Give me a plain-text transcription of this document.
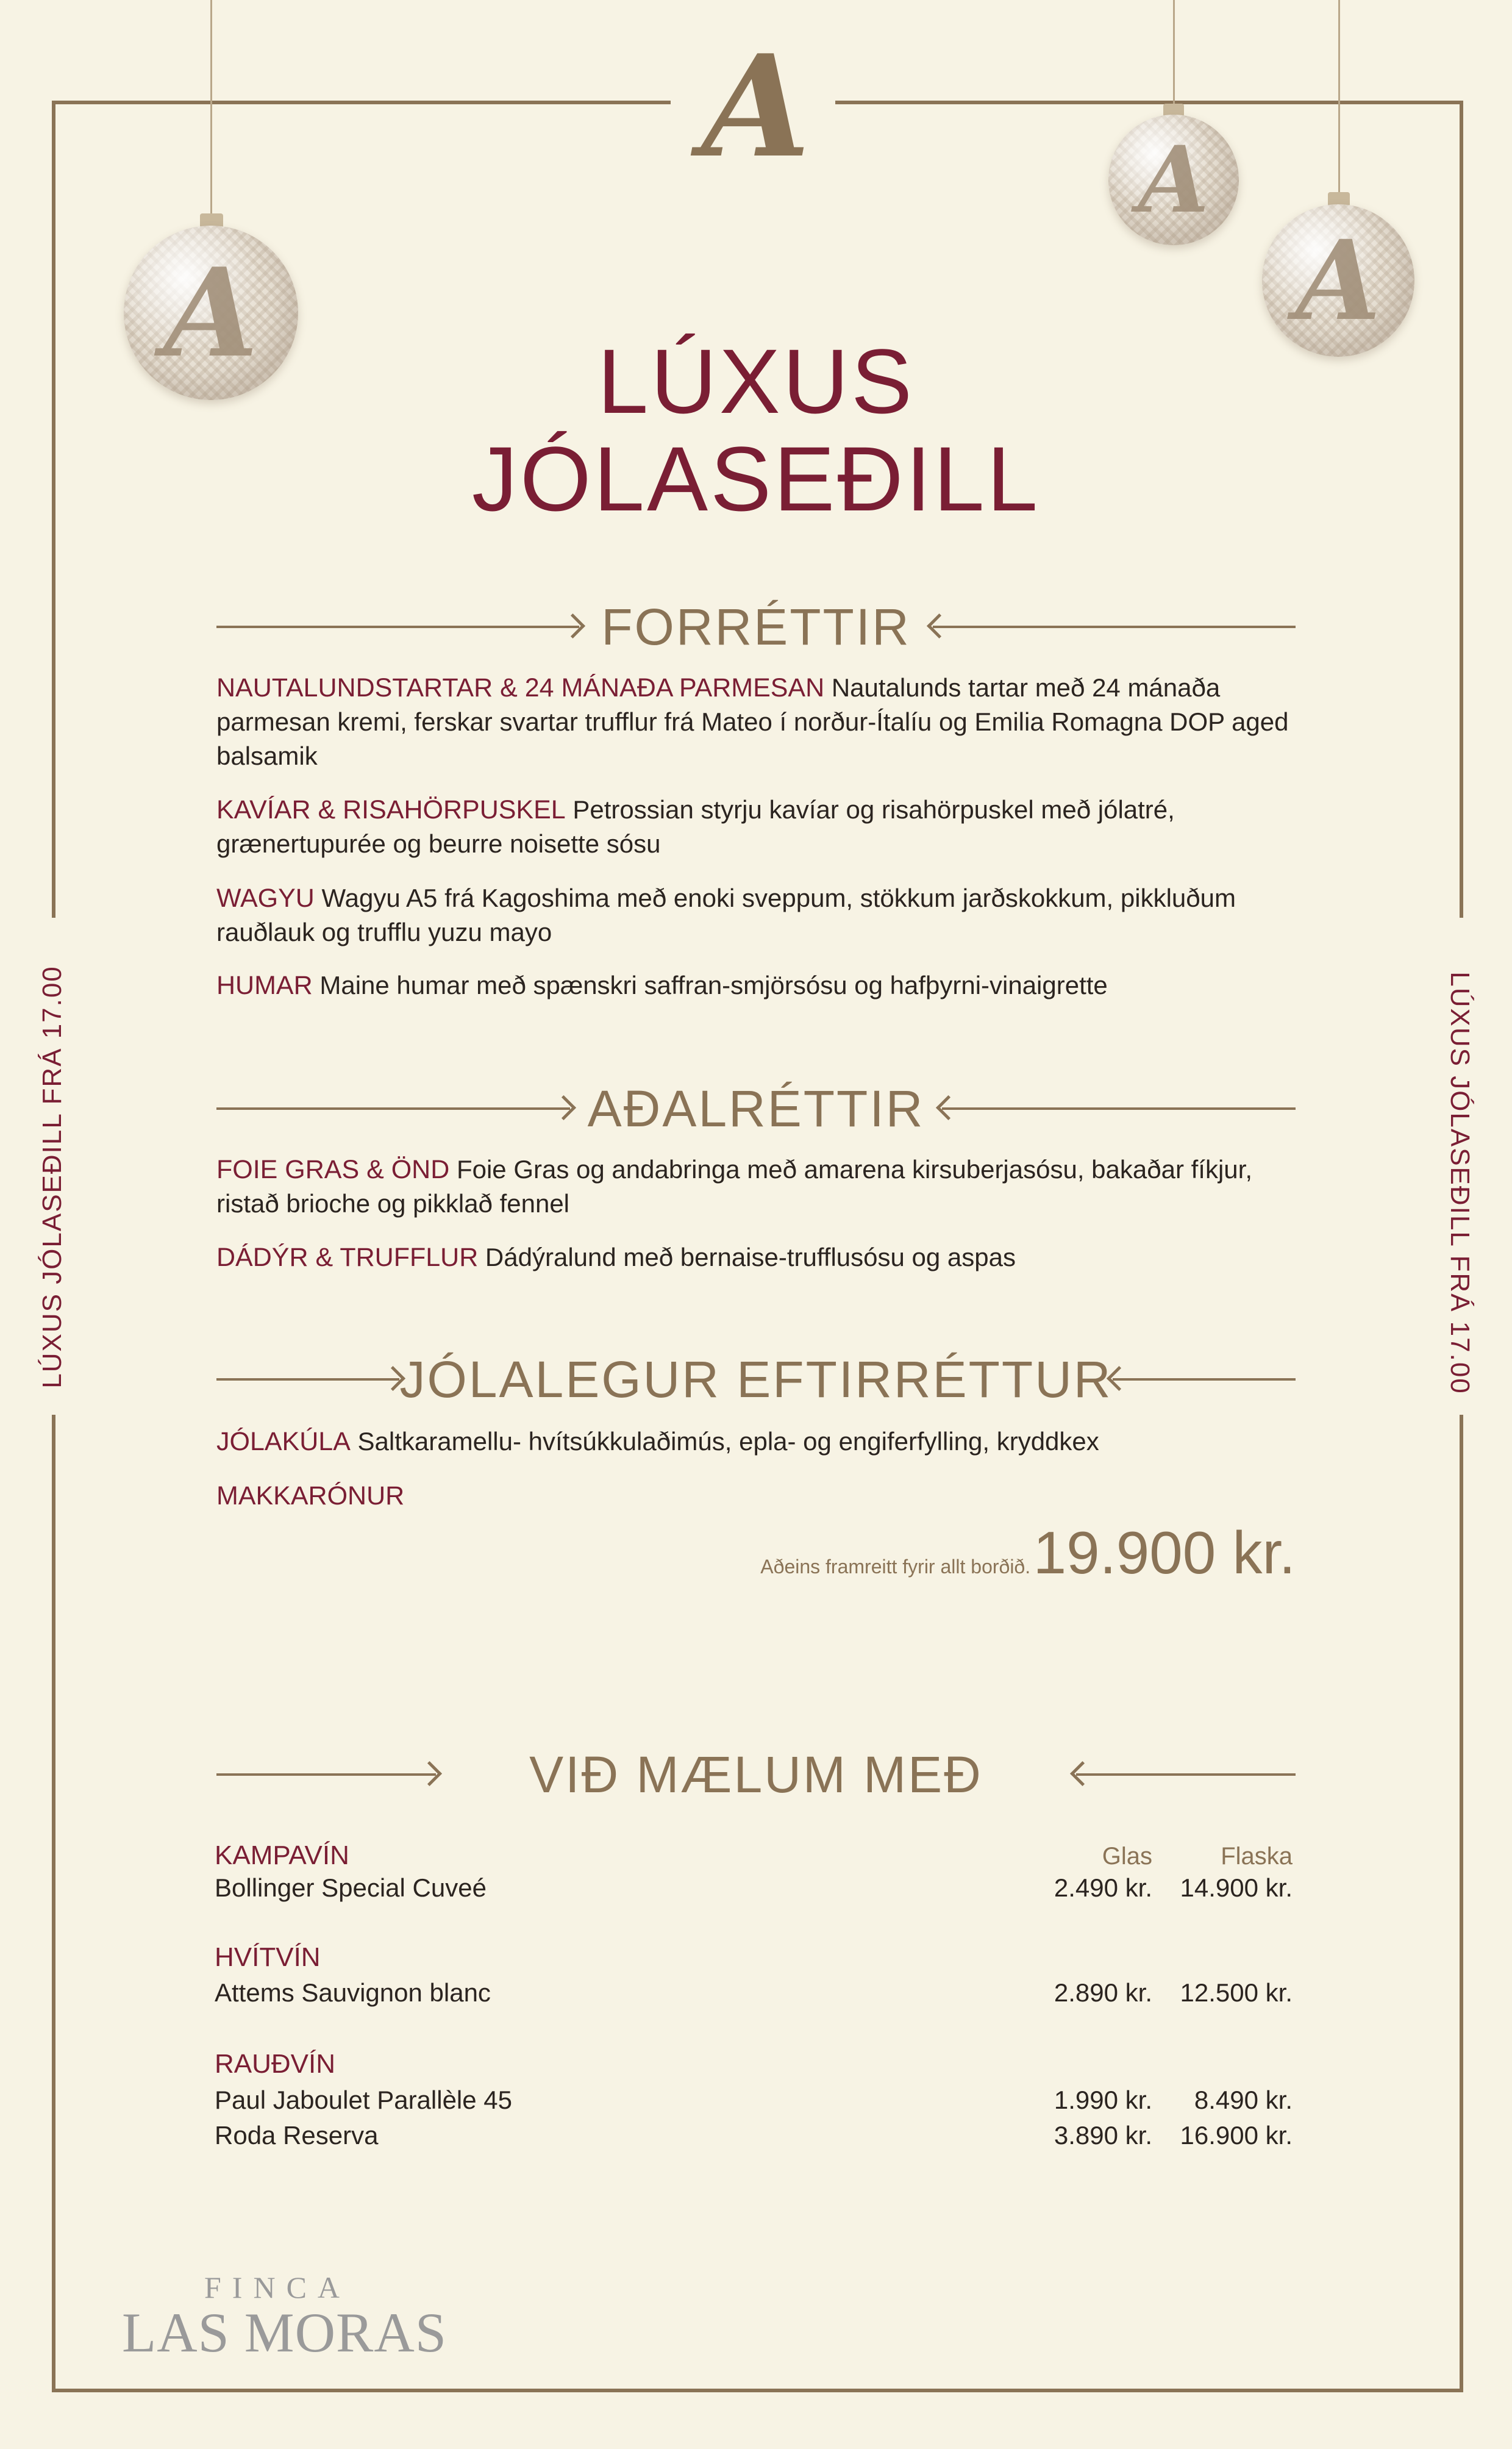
A
A
A
A
LÚXUS
JÓLASEÐILL
LÚXUS JÓLASEÐILL FRÁ 17.00	LÚXUS JÓLASEÐILL FRÁ 17.00
FORRÉTTIR
NAUTALUNDSTARTAR & 24 MÁNAÐA PARMESAN Nautalunds tartar með 24 mánaða parmesan kremi, ferskar svartar trufflur frá Mateo í norður-Ítalíu og Emilia Romagna DOP aged balsamik
KAVÍAR & RISAHÖRPUSKEL Petrossian styrju kavíar og risahörpuskel með jólatré, grænertupurée og beurre noisette sósu
WAGYU Wagyu A5 frá Kagoshima með enoki sveppum, stökkum jarðskokkum, pikkluðum rauðlauk og trufflu yuzu mayo
HUMAR Maine humar með spænskri saffran-smjörsósu og hafþyrni-vinaigrette
AÐALRÉTTIR
FOIE GRAS & ÖND Foie Gras og andabringa með amarena kirsuberjasósu, bakaðar fíkjur, ristað brioche og pikklað fennel
DÁDÝR & TRUFFLUR Dádýralund með bernaise-trufflusósu og aspas
JÓLALEGUR EFTIRRÉTTUR
JÓLAKÚLA Saltkaramellu- hvítsúkkulaðimús, epla- og engiferfylling, kryddkex
MAKKARÓNUR
Aðeins framreitt fyrir allt borðið. 19.900 kr.
VIÐ MÆLUM MEÐ
Glas	Flaska
KAMPAVÍN
Bollinger Special Cuveé	2.490 kr.	14.900 kr.
HVÍTVÍN
Attems Sauvignon blanc	2.890 kr.	12.500 kr.
RAUÐVÍN
Paul Jaboulet Parallèle 45	1.990 kr.	8.490 kr.
Roda Reserva	3.890 kr.	16.900 kr.
FINCA
LAS MORAS
